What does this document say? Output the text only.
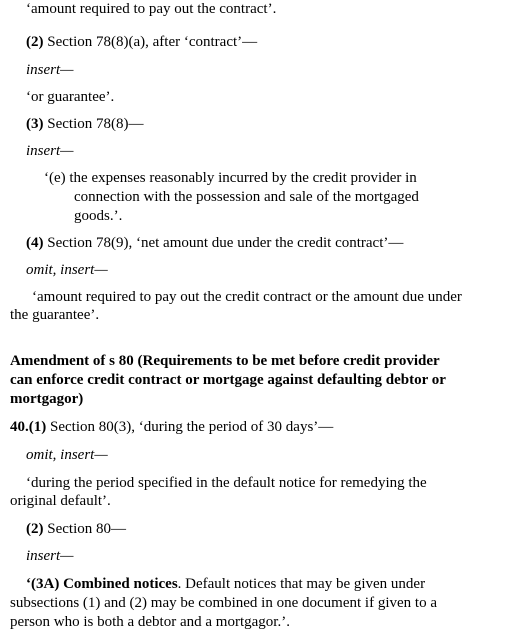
‘amount required to pay out the contract’.
(2) Section 78(8)(a), after ‘contract’—
insert—
‘or guarantee’.
(3) Section 78(8)—
insert—
‘(e) the expenses reasonably incurred by the credit provider in
connection with the possession and sale of the mortgaged
goods.’.
(4) Section 78(9), ‘net amount due under the credit contract’—
omit, insert—
‘amount required to pay out the credit contract or the amount due under
the guarantee’.
Amendment of s 80 (Requirements to be met before credit provider
can enforce credit contract or mortgage against defaulting debtor or
mortgagor)
40.(1) Section 80(3), ‘during the period of 30 days’—
omit, insert—
‘during the period specified in the default notice for remedying the
original default’.
(2) Section 80—
insert—
‘(3A) Combined notices. Default notices that may be given under
subsections (1) and (2) may be combined in one document if given to a
person who is both a debtor and a mortgagor.’.
